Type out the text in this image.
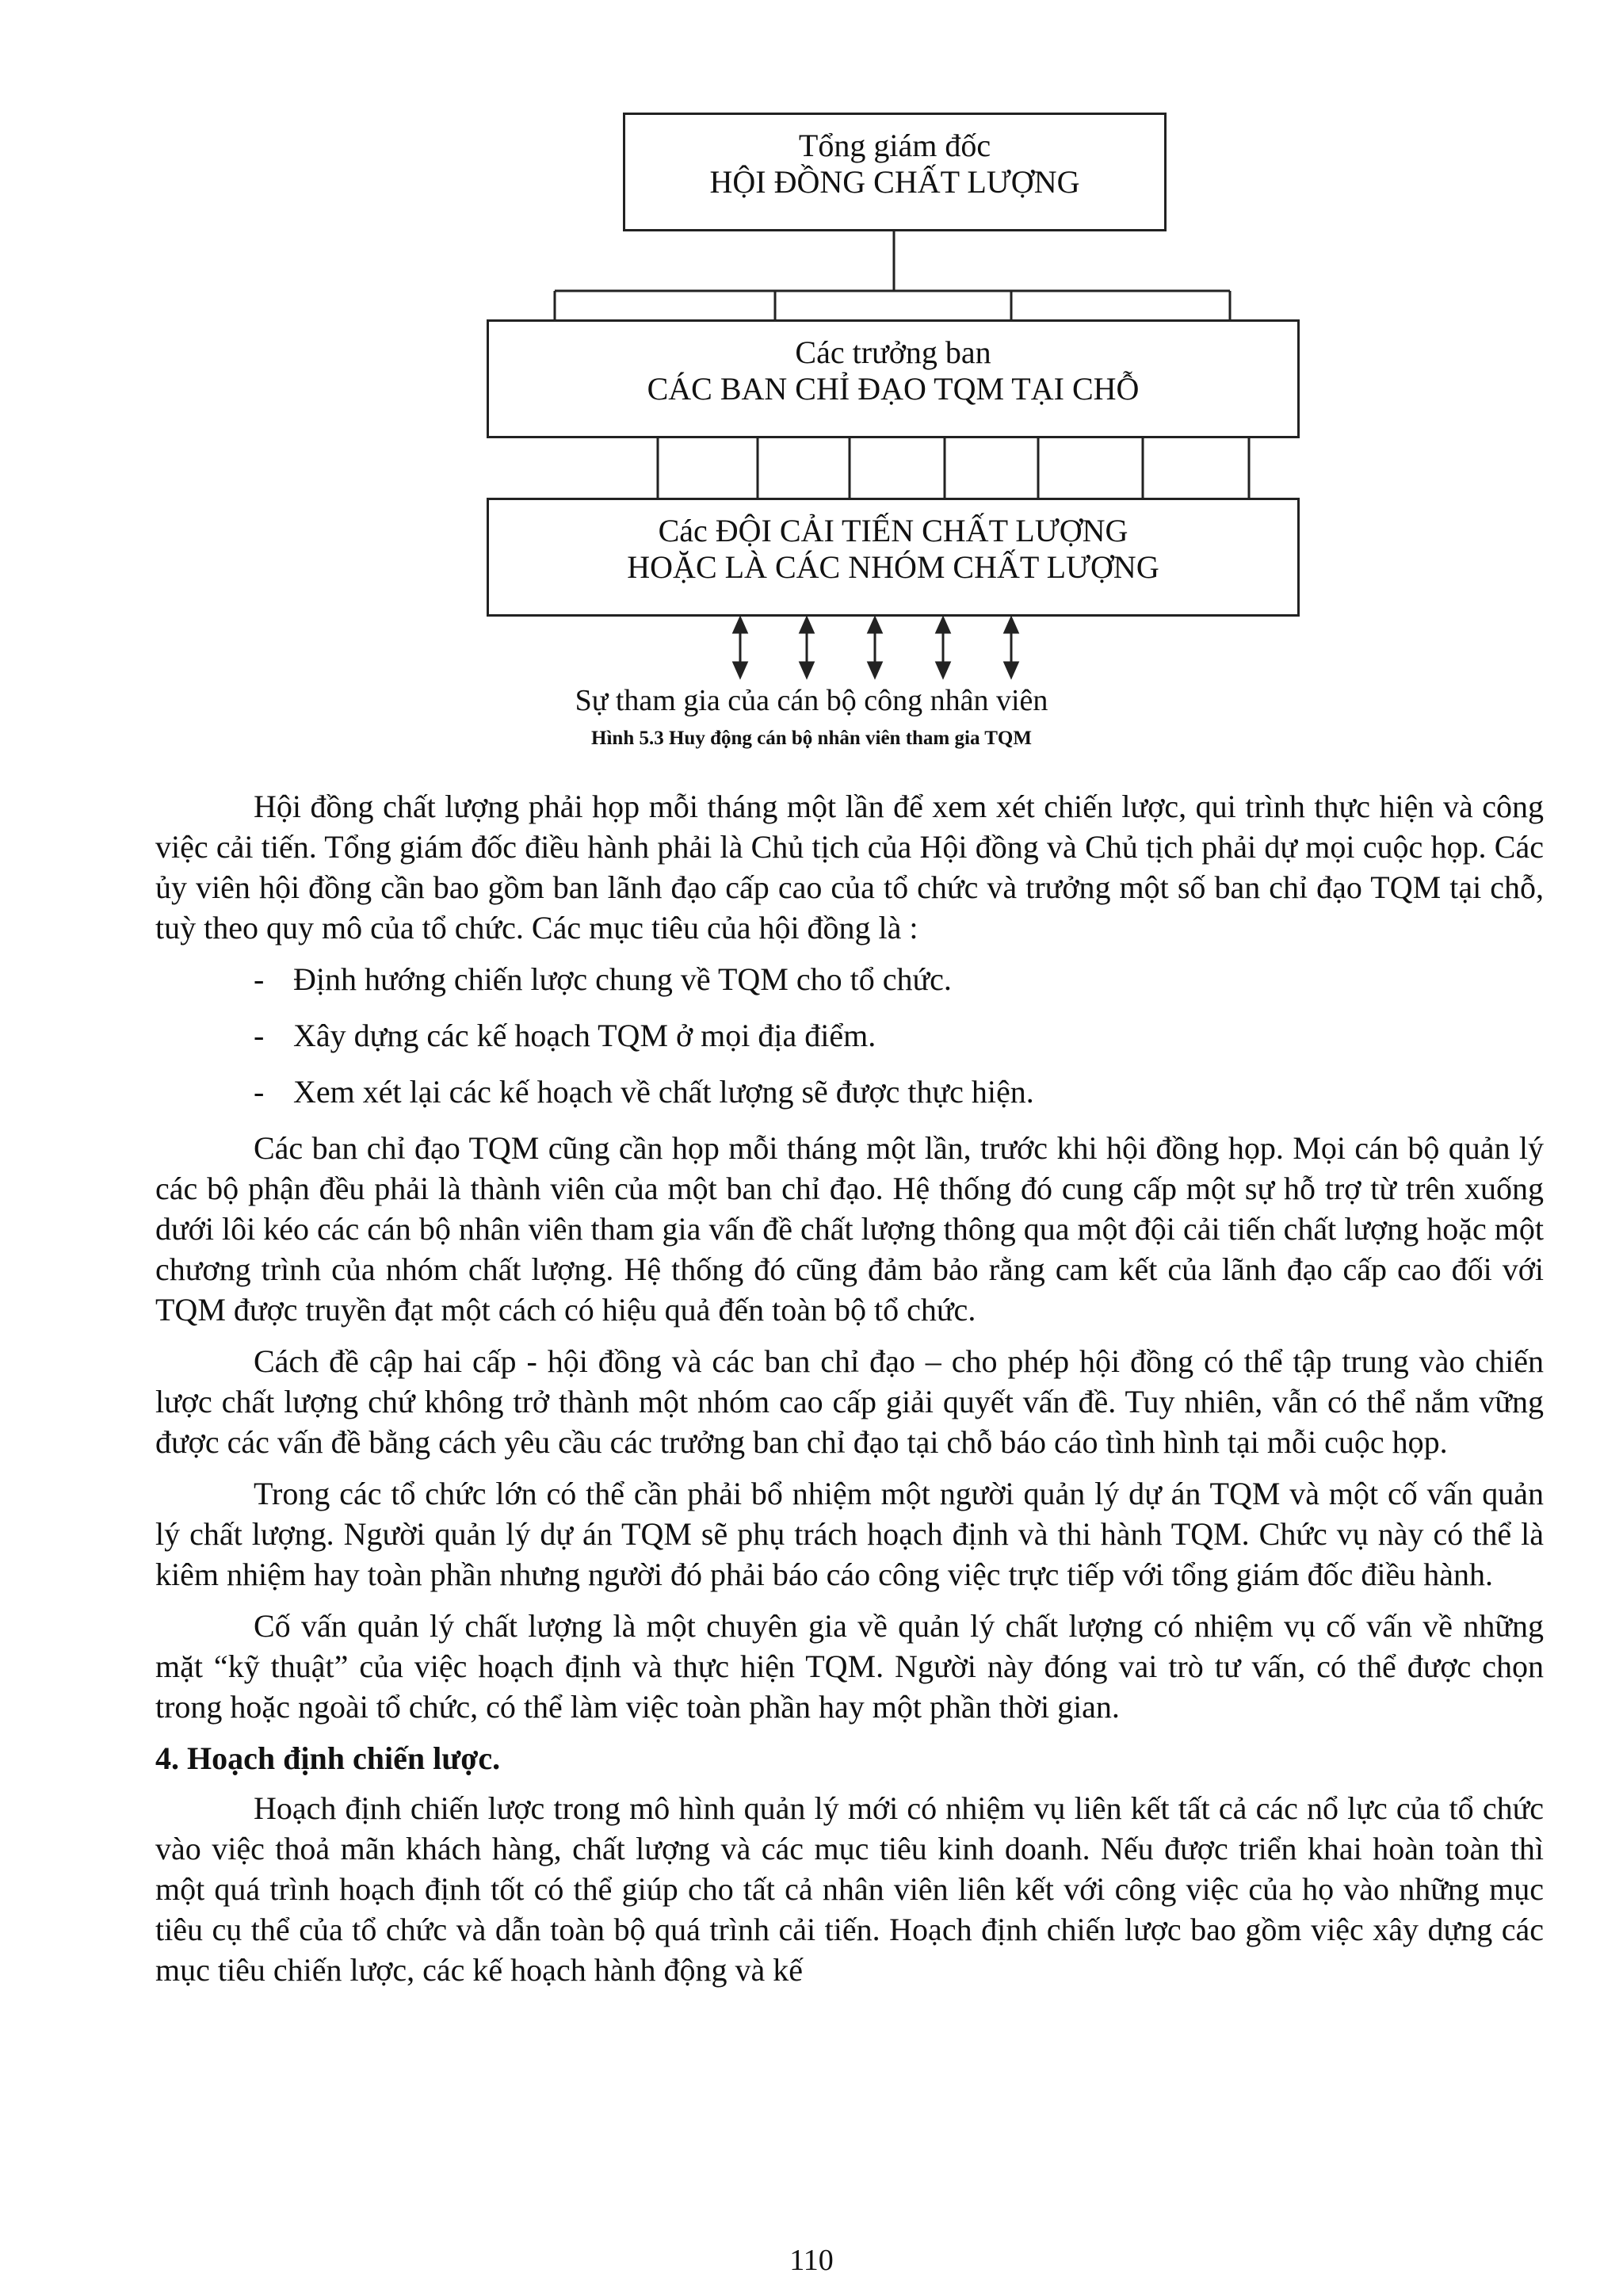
Tổng giám đốc
HỘI ĐỒNG CHẤT LƯỢNG
Các trưởng ban
CÁC BAN CHỈ ĐẠO TQM TẠI CHỖ
Các ĐỘI CẢI TIẾN CHẤT LƯỢNG
HOẶC LÀ CÁC NHÓM CHẤT LƯỢNG
Sự tham gia của cán bộ công nhân viên
Hình 5.3 Huy động cán bộ nhân viên tham gia TQM

Hội đồng chất lượng phải họp mỗi tháng một lần để xem xét chiến lược, qui trình thực hiện và công việc cải tiến. Tổng giám đốc điều hành phải là Chủ tịch của Hội đồng và Chủ tịch phải dự mọi cuộc họp. Các ủy viên hội đồng cần bao gồm ban lãnh đạo cấp cao của tổ chức và trưởng một số ban chỉ đạo TQM tại chỗ, tuỳ theo quy mô của tổ chức. Các mục tiêu của hội đồng là :

- Định hướng chiến lược chung về TQM cho tổ chức.
- Xây dựng các kế hoạch TQM ở mọi địa điểm.
- Xem xét lại các kế hoạch về chất lượng sẽ được thực hiện.

Các ban chỉ đạo TQM cũng cần họp mỗi tháng một lần, trước khi hội đồng họp. Mọi cán bộ quản lý các bộ phận đều phải là thành viên của một ban chỉ đạo. Hệ thống đó cung cấp một sự hỗ trợ từ trên xuống dưới lôi kéo các cán bộ nhân viên tham gia vấn đề chất lượng thông qua một đội cải tiến chất lượng hoặc một chương trình của nhóm chất lượng. Hệ thống đó cũng đảm bảo rằng cam kết của lãnh đạo cấp cao đối với TQM được truyền đạt một cách có hiệu quả đến toàn bộ tổ chức.

Cách đề cập hai cấp - hội đồng và các ban chỉ đạo – cho phép hội đồng có thể tập trung vào chiến lược chất lượng chứ không trở thành một nhóm cao cấp giải quyết vấn đề. Tuy nhiên, vẫn có thể nắm vững được các vấn đề bằng cách yêu cầu các trưởng ban chỉ đạo tại chỗ báo cáo tình hình tại mỗi cuộc họp.

Trong các tổ chức lớn có thể cần phải bổ nhiệm một người quản lý dự án TQM và một cố vấn quản lý chất lượng. Người quản lý dự án TQM sẽ phụ trách hoạch định và thi hành TQM. Chức vụ này có thể là kiêm nhiệm hay toàn phần nhưng người đó phải báo cáo công việc trực tiếp với tổng giám đốc điều hành.

Cố vấn quản lý chất lượng là một chuyên gia về quản lý chất lượng có nhiệm vụ cố vấn về những mặt “kỹ thuật” của việc hoạch định và thực hiện TQM. Người này đóng vai trò tư vấn, có thể được chọn trong hoặc ngoài tổ chức, có thể làm việc toàn phần hay một phần thời gian.

4. Hoạch định chiến lược.

Hoạch định chiến lược trong mô hình quản lý mới có nhiệm vụ liên kết tất cả các nổ lực của tổ chức vào việc thoả mãn khách hàng, chất lượng và các mục tiêu kinh doanh. Nếu được triển khai hoàn toàn thì một quá trình hoạch định tốt có thể giúp cho tất cả nhân viên liên kết với công việc của họ vào những mục tiêu cụ thể của tổ chức và dẫn toàn bộ quá trình cải tiến. Hoạch định chiến lược bao gồm việc xây dựng các mục tiêu chiến lược, các kế hoạch hành động và kế

110
